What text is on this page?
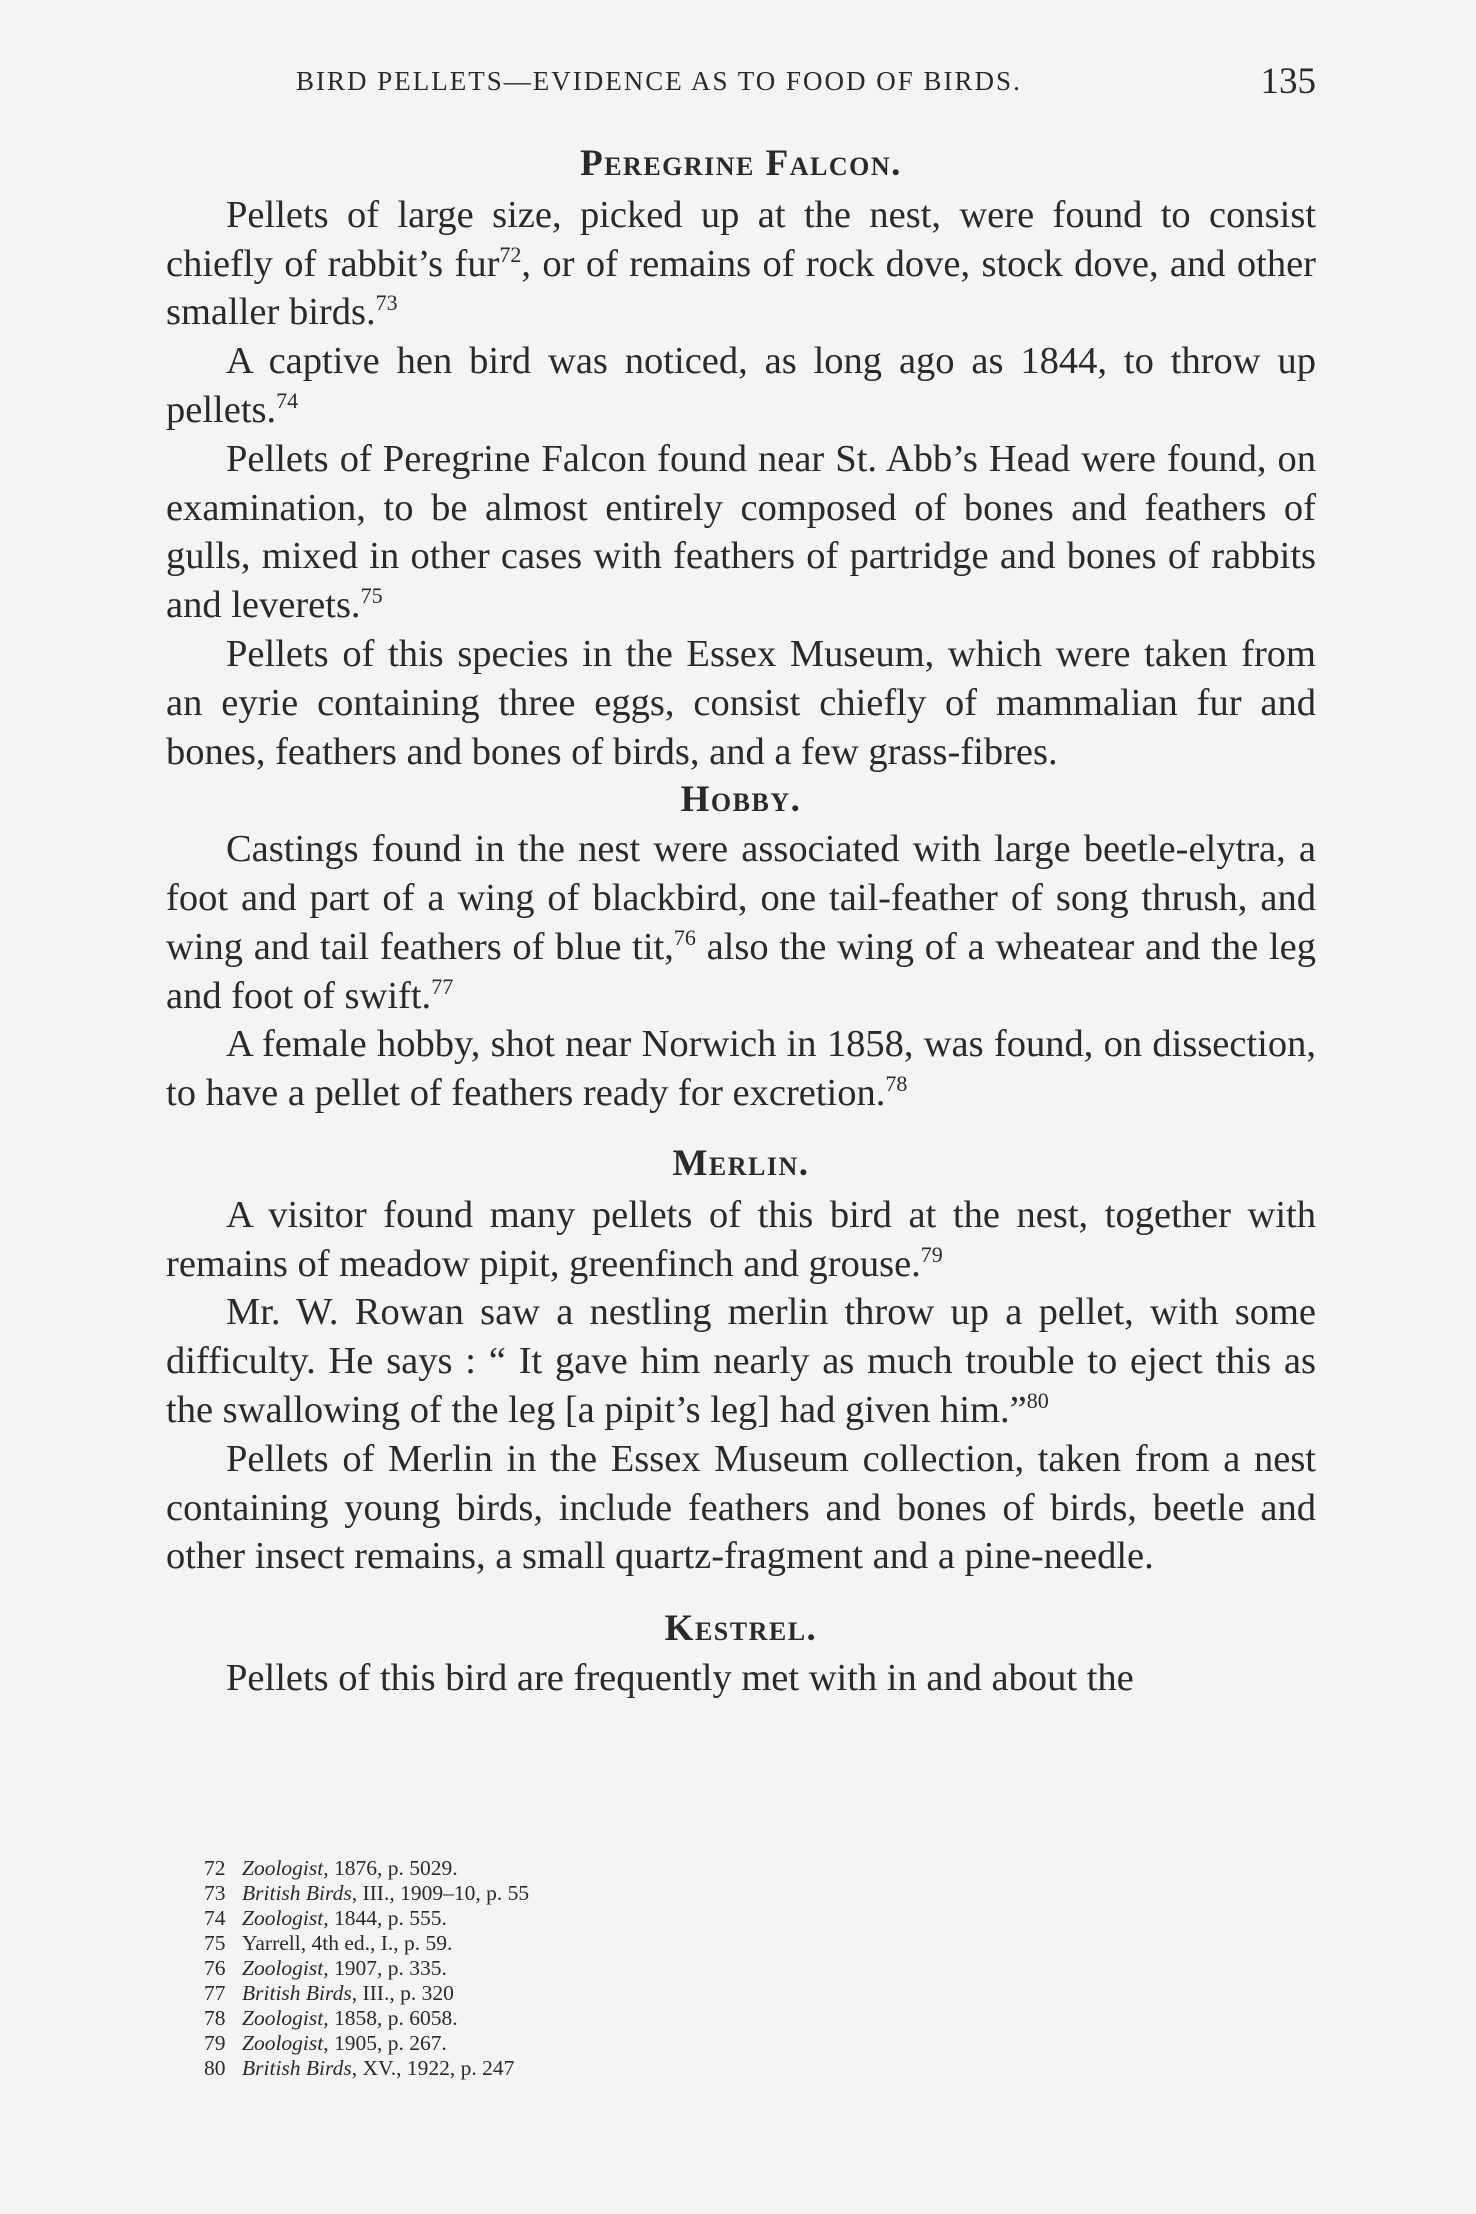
BIRD PELLETS—EVIDENCE AS TO FOOD OF BIRDS.	135
Peregrine Falcon.

Pellets of large size, picked up at the nest, were found to consist chiefly of rabbit’s fur$^{72}$, or of remains of rock dove, stock dove, and other smaller birds.$^{73}$

A captive hen bird was noticed, as long ago as 1844, to throw up pellets.$^{74}$

Pellets of Peregrine Falcon found near St. Abb’s Head were found, on examination, to be almost entirely composed of bones and feathers of gulls, mixed in other cases with feathers of partridge and bones of rabbits and leverets.$^{75}$

Pellets of this species in the Essex Museum, which were taken from an eyrie containing three eggs, consist chiefly of mammalian fur and bones, feathers and bones of birds, and a few grass-fibres.

Hobby.

Castings found in the nest were associated with large beetle-elytra, a foot and part of a wing of blackbird, one tail-feather of song thrush, and wing and tail feathers of blue tit,$^{76}$ also the wing of a wheatear and the leg and foot of swift.$^{77}$

A female hobby, shot near Norwich in 1858, was found, on dissection, to have a pellet of feathers ready for excretion.$^{78}$

Merlin.

A visitor found many pellets of this bird at the nest, together with remains of meadow pipit, greenfinch and grouse.$^{79}$

Mr. W. Rowan saw a nestling merlin throw up a pellet, with some difficulty. He says : “ It gave him nearly as much trouble to eject this as the swallowing of the leg [a pipit’s leg] had given him.”$^{80}$

Pellets of Merlin in the Essex Museum collection, taken from a nest containing young birds, include feathers and bones of birds, beetle and other insect remains, a small quartz-fragment and a pine-needle.

Kestrel.

Pellets of this bird are frequently met with in and about the

72 Zoologist, 1876, p. 5029.
73 British Birds, III., 1909–10, p. 55
74 Zoologist, 1844, p. 555.
75 Yarrell, 4th ed., I., p. 59.
76 Zoologist, 1907, p. 335.
77 British Birds, III., p. 320
78 Zoologist, 1858, p. 6058.
79 Zoologist, 1905, p. 267.
80 British Birds, XV., 1922, p. 247
